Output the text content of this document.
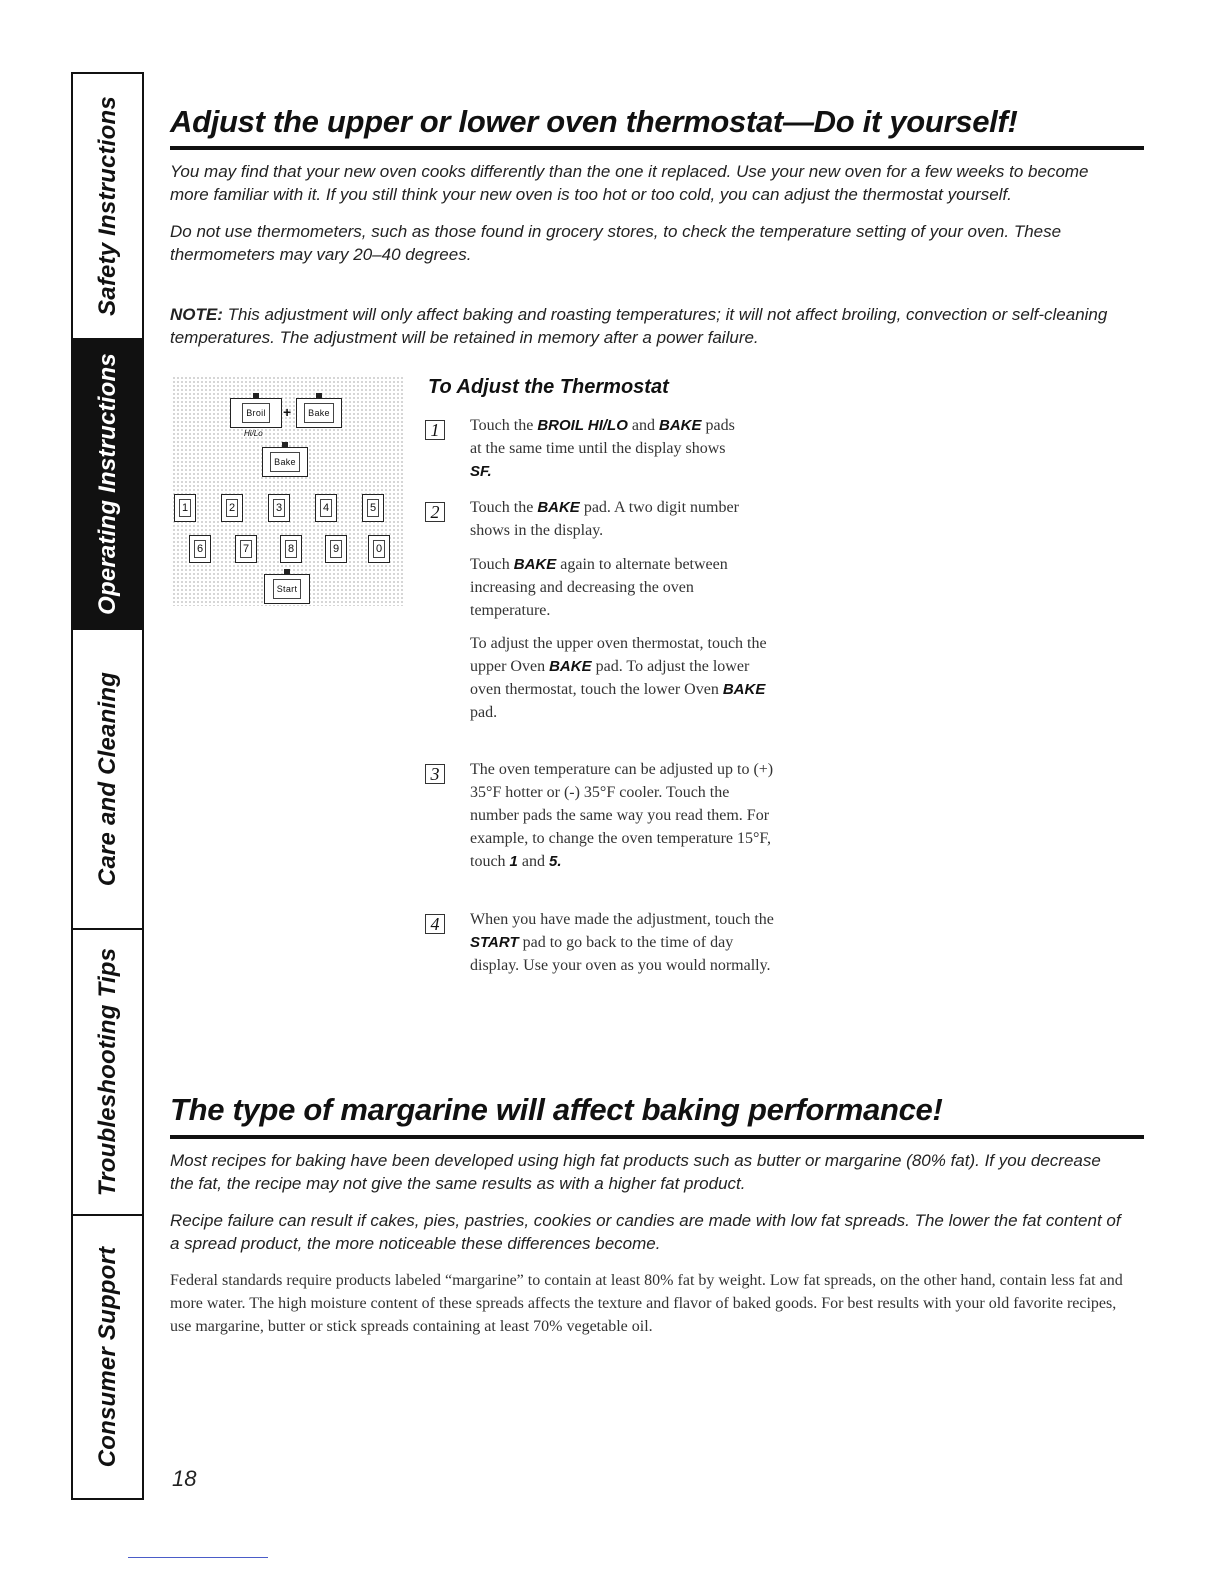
Safety Instructions
Operating Instructions
Care and Cleaning
Troubleshooting Tips
Consumer Support
Adjust the upper or lower oven thermostat—Do it yourself!

You may find that your new oven cooks differently than the one it replaced. Use your new oven for a few weeks to become more familiar with it. If you still think your new oven is too hot or too cold, you can adjust the thermostat yourself.

Do not use thermometers, such as those found in grocery stores, to check the temperature setting of your oven. These thermometers may vary 20–40 degrees.

NOTE: This adjustment will only affect baking and roasting temperatures; it will not affect broiling, convection or self-cleaning temperatures. The adjustment will be retained in memory after a power failure.

Broil
Hi/Lo
+	Bake
Bake
1	2	3	4	5
6	7	8	9	0
Start
To Adjust the Thermostat
1	Touch the BROIL HI/LO and BAKE pads at the same time until the display shows SF.

2	Touch the BAKE pad. A two digit number shows in the display.

Touch BAKE again to alternate between increasing and decreasing the oven temperature.

To adjust the upper oven thermostat, touch the upper Oven BAKE pad. To adjust the lower oven thermostat, touch the lower Oven BAKE pad.

3	The oven temperature can be adjusted up to (+) 35°F hotter or (-) 35°F cooler. Touch the number pads the same way you read them. For example, to change the oven temperature 15°F, touch 1 and 5.

4	When you have made the adjustment, touch the START pad to go back to the time of day display. Use your oven as you would normally.

The type of margarine will affect baking performance!

Most recipes for baking have been developed using high fat products such as butter or margarine (80% fat). If you decrease the fat, the recipe may not give the same results as with a higher fat product.

Recipe failure can result if cakes, pies, pastries, cookies or candies are made with low fat spreads. The lower the fat content of a spread product, the more noticeable these differences become.

Federal standards require products labeled “margarine” to contain at least 80% fat by weight. Low fat spreads, on the other hand, contain less fat and more water. The high moisture content of these spreads affects the texture and flavor of baked goods. For best results with your old favorite recipes, use margarine, butter or stick spreads containing at least 70% vegetable oil.

18
